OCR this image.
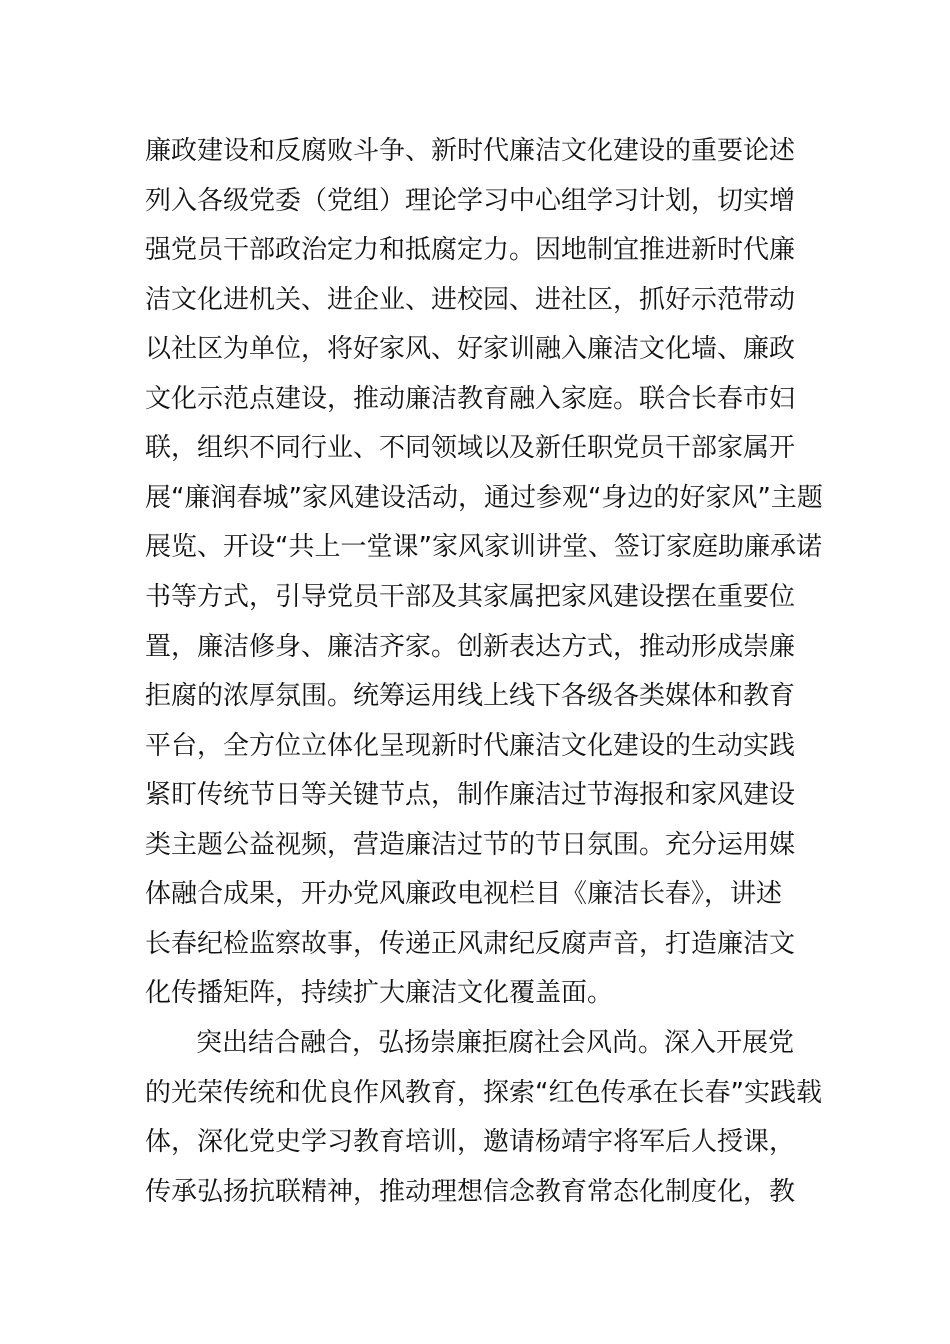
廉政建设和反腐败斗争、新时代廉洁文化建设的重要论述
列入各级党委（党组）理论学习中心组学习计划，切实增
强党员干部政治定力和抵腐定力。因地制宜推进新时代廉
洁文化进机关、进企业、进校园、进社区，抓好示范带动
以社区为单位，将好家风、好家训融入廉洁文化墙、廉政
文化示范点建设，推动廉洁教育融入家庭。联合长春市妇
联，组织不同行业、不同领域以及新任职党员干部家属开
展“廉润春城”家风建设活动，通过参观“身边的好家风”主题
展览、开设“共上一堂课”家风家训讲堂、签订家庭助廉承诺
书等方式，引导党员干部及其家属把家风建设摆在重要位
置，廉洁修身、廉洁齐家。创新表达方式，推动形成崇廉
拒腐的浓厚氛围。统筹运用线上线下各级各类媒体和教育
平台，全方位立体化呈现新时代廉洁文化建设的生动实践
紧盯传统节日等关键节点，制作廉洁过节海报和家风建设
类主题公益视频，营造廉洁过节的节日氛围。充分运用媒
体融合成果，开办党风廉政电视栏目《廉洁长春》，讲述
长春纪检监察故事，传递正风肃纪反腐声音，打造廉洁文
化传播矩阵，持续扩大廉洁文化覆盖面。
突出结合融合，弘扬崇廉拒腐社会风尚。深入开展党
的光荣传统和优良作风教育，探索“红色传承在长春”实践载
体，深化党史学习教育培训，邀请杨靖宇将军后人授课，
传承弘扬抗联精神，推动理想信念教育常态化制度化，教
